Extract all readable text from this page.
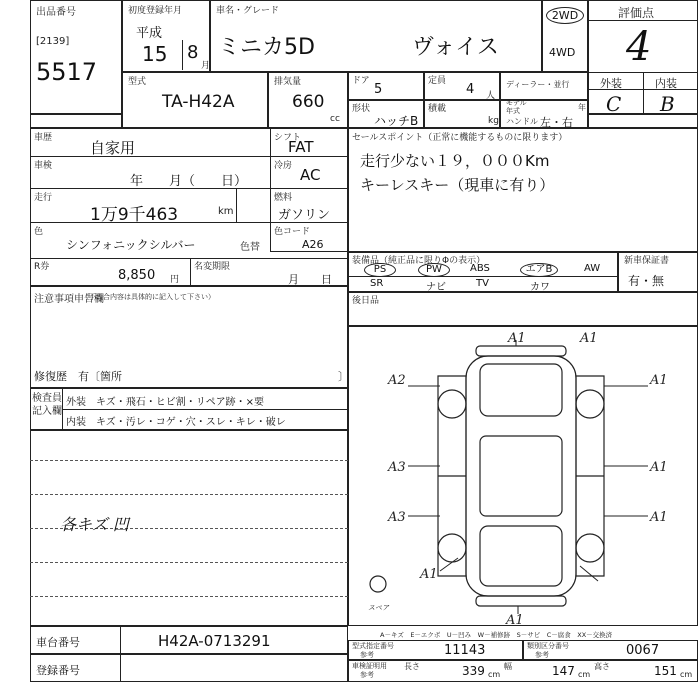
出品番号
[2139]
5517
初度登録年月
平成
15 8
月
車名・グレード
ミニカ5D	ヴォイス
2WD
4WD
評価点
4
外装	内装
C B
型式
TA-H42A
排気量
660
cc
ドア
5
定員
4 人
ディーラー・並行
形状
ハッチB
積載
kg
モデル
年式	年
ハンドル 左・右
車歴
自家用
車検
年　　月（　　日）
走行
1万9千463	km
色
シンフォニックシルバー	色替
R券
8,850 円
名変期限
月　　日
シフト
FAT
冷房 AC
燃料
ガソリン
色コード
A26
セールスポイント（正常に機能するものに限ります）
走行少ない１９，０００Km
キーレスキー（現車に有り）
装備品（純正品に限りΦの表示）
PS	PW	ABS	エアB	AW
SR	ナビ	TV	カワ
新車保証書
有・無
後日品
注意事項申告欄
（不具合内容は具体的に記入して下さい）
修復歴　有〔箇所	〕
検査員
記入欄
外装　キズ・飛石・ヒビ割・リペア跡・×要
内装　キズ・汚レ・コゲ・穴・スレ・キレ・破レ
各キズ 凹
A1	A1
A2	A1
A3	A1
A3	A1
A1
A1
スペア
A－キズ　E－エクボ　U－凹み　W－補修跡　S－サビ　C－腐食　XX－交換済
車台番号	H42A-0713291
登録番号
型式指定番号
参考	11143	類別区分番号
参考	0067
車検証明用
参考
長さ	339 cm
幅	147 cm
高さ	151 cm
